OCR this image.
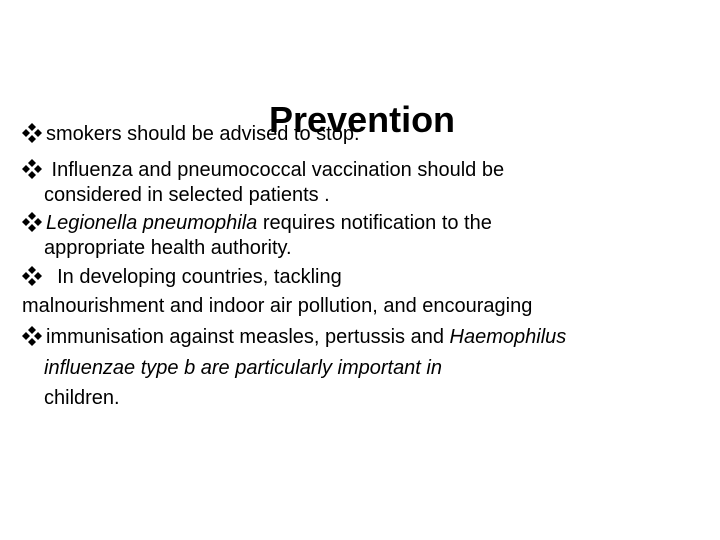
Prevention
smokers should be advised to stop.
Influenza and pneumococcal vaccination should be
considered in selected patients .
Legionella pneumophila requires notification to the
appropriate health authority.
In developing countries, tackling
malnourishment and indoor air pollution, and encouraging
immunisation against measles, pertussis and Haemophilus
influenzae type b are particularly important in
children.
